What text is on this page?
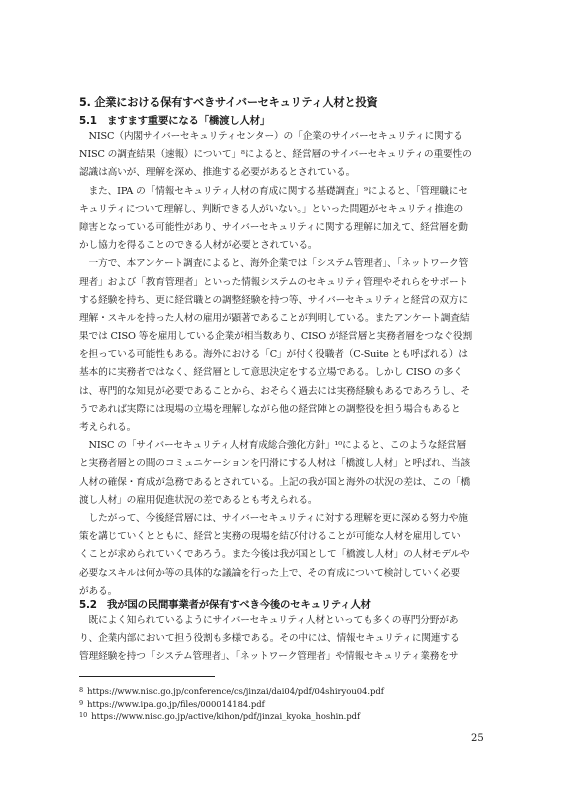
5. 企業における保有すべきサイバーセキュリティ人材と投資
5.1　ますます重要になる「橋渡し人材」
　NISC（内閣サイバーセキュリティセンター）の「企業のサイバーセキュリティに関する
NISC の調査結果（速報）について」⁸によると、経営層のサイバーセキュリティの重要性の
認識は高いが、理解を深め、推進する必要があるとされている。
　また、IPA の「情報セキュリティ人材の育成に関する基礎調査」⁹によると、「管理職にセ
キュリティについて理解し、判断できる人がいない。」といった問題がセキュリティ推進の
障害となっている可能性があり、サイバーセキュリティに関する理解に加えて、経営層を動
かし協力を得ることのできる人材が必要とされている。
　一方で、本アンケート調査によると、海外企業では「システム管理者」、「ネットワーク管
理者」および「教育管理者」といった情報システムのセキュリティ管理やそれらをサポート
する経験を持ち、更に経営職との調整経験を持つ等、サイバーセキュリティと経営の双方に
理解・スキルを持った人材の雇用が顕著であることが判明している。またアンケート調査結
果では CISO 等を雇用している企業が相当数あり、CISO が経営層と実務者層をつなぐ役割
を担っている可能性もある。海外における「C」が付く役職者（C-Suite とも呼ばれる）は
基本的に実務者ではなく、経営層として意思決定をする立場である。しかし CISO の多く
は、専門的な知見が必要であることから、おそらく過去には実務経験もあるであろうし、そ
うであれば実際には現場の立場を理解しながら他の経営陣との調整役を担う場合もあると
考えられる。
　NISC の「サイバーセキュリティ人材育成総合強化方針」¹⁰によると、このような経営層
と実務者層との間のコミュニケーションを円滑にする人材は「橋渡し人材」と呼ばれ、当該
人材の確保・育成が急務であるとされている。上記の我が国と海外の状況の差は、この「橋
渡し人材」の雇用促進状況の差であるとも考えられる。
　したがって、今後経営層には、サイバーセキュリティに対する理解を更に深める努力や施
策を講じていくとともに、経営と実務の現場を結び付けることが可能な人材を雇用してい
くことが求められていくであろう。また今後は我が国として「橋渡し人材」の人材モデルや
必要なスキルは何か等の具体的な議論を行った上で、その育成について検討していく必要
がある。
5.2　我が国の民間事業者が保有すべき今後のセキュリティ人材
　既によく知られているようにサイバーセキュリティ人材といっても多くの専門分野があ
り、企業内部において担う役割も多様である。その中には、情報セキュリティに関連する
管理経験を持つ「システム管理者」、「ネットワーク管理者」や情報セキュリティ業務をサ
$^8$ https://www.nisc.go.jp/conference/cs/jinzai/dai04/pdf/04shiryou04.pdf
$^9$ https://www.ipa.go.jp/files/000014184.pdf
$^{10}$ https://www.nisc.go.jp/active/kihon/pdf/jinzai_kyoka_hoshin.pdf
25
